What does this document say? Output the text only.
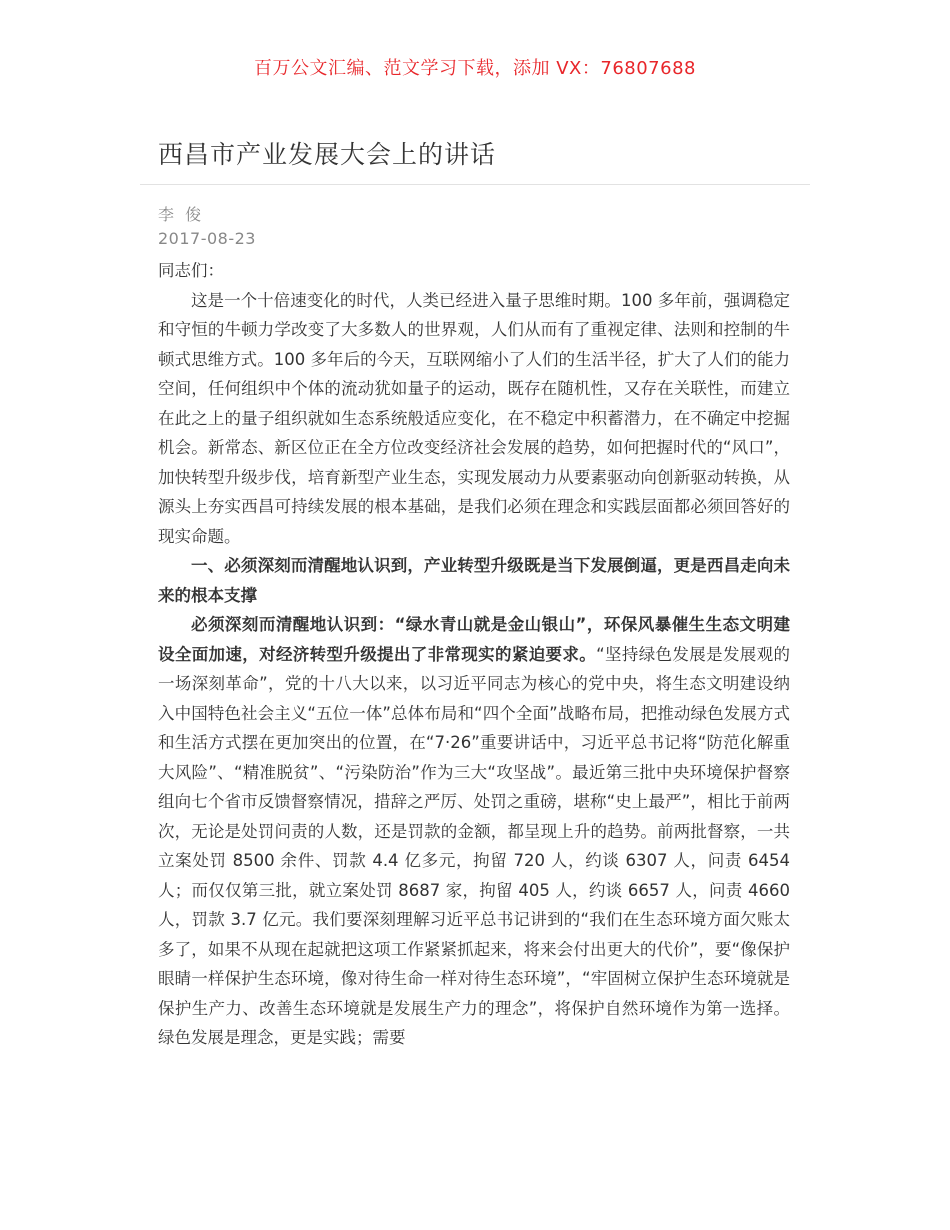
百万公文汇编、范文学习下载，添加 VX：76807688
西昌市产业发展大会上的讲话
李 俊
2017-08-23

同志们：

这是一个十倍速变化的时代，人类已经进入量子思维时期。100 多年前，强调稳定和守恒的牛顿力学改变了大多数人的世界观，人们从而有了重视定律、法则和控制的牛顿式思维方式。100 多年后的今天，互联网缩小了人们的生活半径，扩大了人们的能力空间，任何组织中个体的流动犹如量子的运动，既存在随机性，又存在关联性，而建立在此之上的量子组织就如生态系统般适应变化，在不稳定中积蓄潜力，在不确定中挖掘机会。新常态、新区位正在全方位改变经济社会发展的趋势，如何把握时代的“风口”，加快转型升级步伐，培育新型产业生态，实现发展动力从要素驱动向创新驱动转换，从源头上夯实西昌可持续发展的根本基础，是我们必须在理念和实践层面都必须回答好的现实命题。

一、必须深刻而清醒地认识到，产业转型升级既是当下发展倒逼，更是西昌走向未来的根本支撑

必须深刻而清醒地认识到：“绿水青山就是金山银山”，环保风暴催生生态文明建设全面加速，对经济转型升级提出了非常现实的紧迫要求。“坚持绿色发展是发展观的一场深刻革命”，党的十八大以来，以习近平同志为核心的党中央，将生态文明建设纳入中国特色社会主义“五位一体”总体布局和“四个全面”战略布局，把推动绿色发展方式和生活方式摆在更加突出的位置，在“7·26”重要讲话中，习近平总书记将“防范化解重大风险”、“精准脱贫”、“污染防治”作为三大“攻坚战”。最近第三批中央环境保护督察组向七个省市反馈督察情况，措辞之严厉、处罚之重磅，堪称“史上最严”，相比于前两次，无论是处罚问责的人数，还是罚款的金额，都呈现上升的趋势。前两批督察，一共立案处罚 8500 余件、罚款 4.4 亿多元，拘留 720 人，约谈 6307 人，问责 6454 人；而仅仅第三批，就立案处罚 8687 家，拘留 405 人，约谈 6657 人，问责 4660 人，罚款 3.7 亿元。我们要深刻理解习近平总书记讲到的“我们在生态环境方面欠账太多了，如果不从现在起就把这项工作紧紧抓起来，将来会付出更大的代价”，要“像保护眼睛一样保护生态环境，像对待生命一样对待生态环境”，“牢固树立保护生态环境就是保护生产力、改善生态环境就是发展生产力的理念”，将保护自然环境作为第一选择。绿色发展是理念，更是实践；需要
